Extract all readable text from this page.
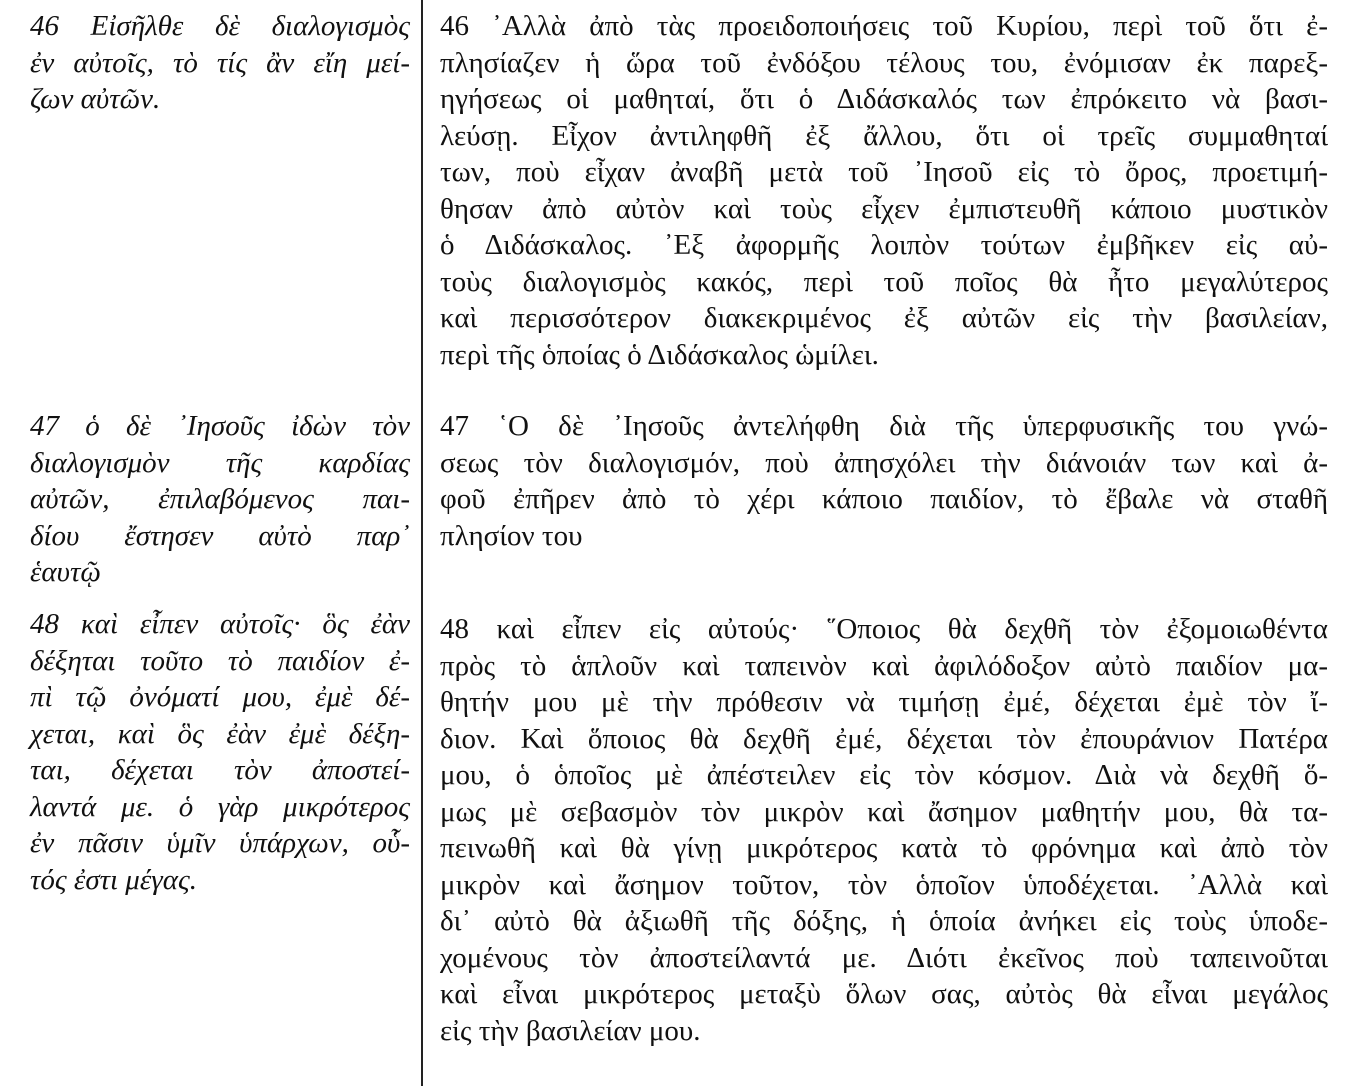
46 Εἰσῆλθε δὲ διαλογισμὸς
ἐν αὐτοῖς, τὸ τίς ἂν εἴη μεί-
ζων αὐτῶν.
46 ᾿Αλλὰ ἀπὸ τὰς προειδοποιήσεις τοῦ Κυρίου, περὶ τοῦ ὅτι ἐ-
πλησίαζεν ἡ ὥρα τοῦ ἐνδόξου τέλους του, ἐνόμισαν ἐκ παρεξ-
ηγήσεως οἱ μαθηταί, ὅτι ὁ Διδάσκαλός των ἐπρόκειτο νὰ βασι-
λεύσῃ. Εἶχον ἀντιληφθῆ ἐξ ἄλλου, ὅτι οἱ τρεῖς συμμαθηταί
των, ποὺ εἶχαν ἀναβῆ μετὰ τοῦ ᾿Ιησοῦ εἰς τὸ ὄρος, προετιμή-
θησαν ἀπὸ αὐτὸν καὶ τοὺς εἶχεν ἐμπιστευθῆ κάποιο μυστικὸν
ὁ Διδάσκαλος. ᾿Εξ ἀφορμῆς λοιπὸν τούτων ἐμβῆκεν εἰς αὐ-
τοὺς διαλογισμὸς κακός, περὶ τοῦ ποῖος θὰ ἦτο μεγαλύτερος
καὶ περισσότερον διακεκριμένος ἐξ αὐτῶν εἰς τὴν βασιλείαν,
περὶ τῆς ὁποίας ὁ Διδάσκαλος ὡμίλει.
47 ὁ δὲ ᾿Ιησοῦς ἰδὼν τὸν
διαλογισμὸν τῆς καρδίας
αὐτῶν, ἐπιλαβόμενος παι-
δίου ἔστησεν αὐτὸ παρ᾿
ἑαυτῷ
47 ῾Ο δὲ ᾿Ιησοῦς ἀντελήφθη διὰ τῆς ὑπερφυσικῆς του γνώ-
σεως τὸν διαλογισμόν, ποὺ ἀπησχόλει τὴν διάνοιάν των καὶ ἀ-
φοῦ ἐπῆρεν ἀπὸ τὸ χέρι κάποιο παιδίον, τὸ ἔβαλε νὰ σταθῆ
πλησίον του
48 καὶ εἶπεν αὐτοῖς· ὃς ἐὰν
δέξηται τοῦτο τὸ παιδίον ἐ-
πὶ τῷ ὀνόματί μου, ἐμὲ δέ-
χεται, καὶ ὃς ἐὰν ἐμὲ δέξη-
ται, δέχεται τὸν ἀποστεί-
λαντά με. ὁ γὰρ μικρότερος
ἐν πᾶσιν ὑμῖν ὑπάρχων, οὗ-
τός ἐστι μέγας.
48 καὶ εἶπεν εἰς αὐτούς· ῞Οποιος θὰ δεχθῆ τὸν ἐξομοιωθέντα
πρὸς τὸ ἁπλοῦν καὶ ταπεινὸν καὶ ἀφιλόδοξον αὐτὸ παιδίον μα-
θητήν μου μὲ τὴν πρόθεσιν νὰ τιμήσῃ ἐμέ, δέχεται ἐμὲ τὸν ἴ-
διον. Καὶ ὅποιος θὰ δεχθῆ ἐμέ, δέχεται τὸν ἐπουράνιον Πατέρα
μου, ὁ ὁποῖος μὲ ἀπέστειλεν εἰς τὸν κόσμον. Διὰ νὰ δεχθῆ ὅ-
μως μὲ σεβασμὸν τὸν μικρὸν καὶ ἄσημον μαθητήν μου, θὰ τα-
πεινωθῆ καὶ θὰ γίνῃ μικρότερος κατὰ τὸ φρόνημα καὶ ἀπὸ τὸν
μικρὸν καὶ ἄσημον τοῦτον, τὸν ὁποῖον ὑποδέχεται. ᾿Αλλὰ καὶ
δι᾿ αὐτὸ θὰ ἀξιωθῆ τῆς δόξης, ἡ ὁποία ἀνήκει εἰς τοὺς ὑποδε-
χομένους τὸν ἀποστείλαντά με. Διότι ἐκεῖνος ποὺ ταπεινοῦται
καὶ εἶναι μικρότερος μεταξὺ ὅλων σας, αὐτὸς θὰ εἶναι μεγάλος
εἰς τὴν βασιλείαν μου.
